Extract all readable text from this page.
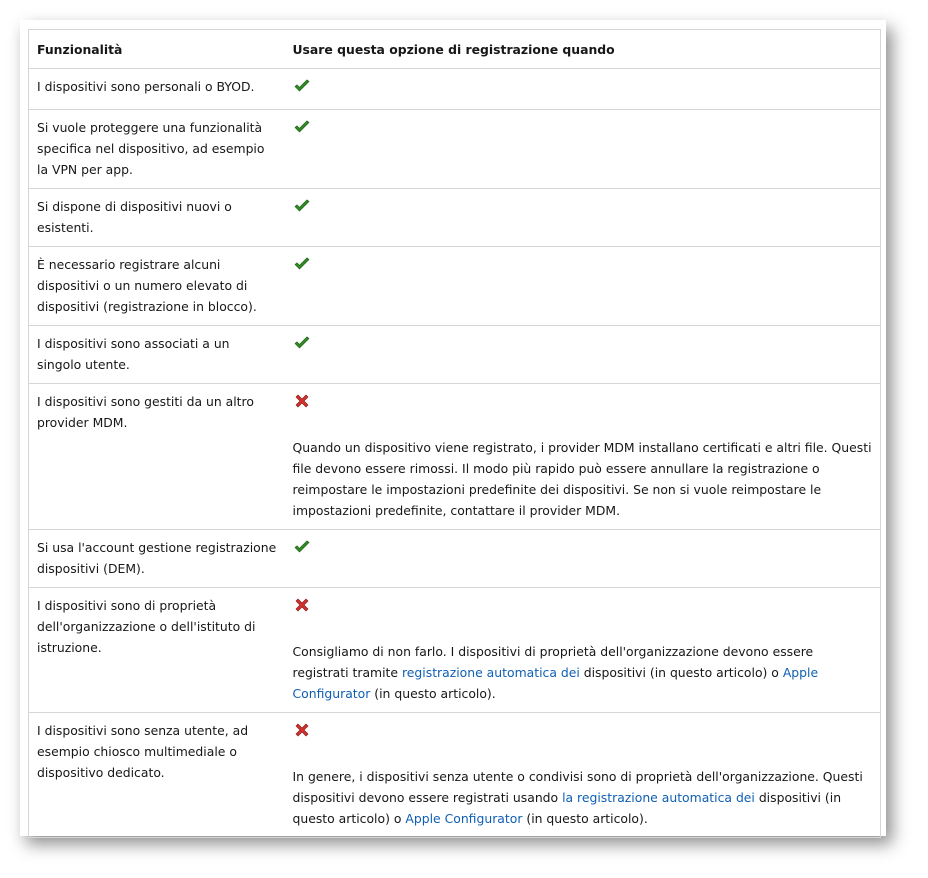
Funzionalità	Usare questa opzione di registrazione quando
I dispositivi sono personali o BYOD.	
Si vuole proteggere una funzionalità specifica nel dispositivo, ad esempio la VPN per app.	
Si dispone di dispositivi nuovi o esistenti.	
È necessario registrare alcuni dispositivi o un numero elevato di dispositivi (registrazione in blocco).	
I dispositivi sono associati a un singolo utente.	
I dispositivi sono gestiti da un altro provider MDM.	Quando un dispositivo viene registrato, i provider MDM installano certificati e altri file. Questi file devono essere rimossi. Il modo più rapido può essere annullare la registrazione o reimpostare le impostazioni predefinite dei dispositivi. Se non si vuole reimpostare le impostazioni predefinite, contattare il provider MDM.

Si usa l'account gestione registrazione dispositivi (DEM).	
I dispositivi sono di proprietà dell'organizzazione o dell'istituto di istruzione.	Consigliamo di non farlo. I dispositivi di proprietà dell'organizzazione devono essere registrati tramite registrazione automatica dei dispositivi (in questo articolo) o Apple Configurator (in questo articolo).

I dispositivi sono senza utente, ad esempio chiosco multimediale o dispositivo dedicato.	In genere, i dispositivi senza utente o condivisi sono di proprietà dell'organizzazione. Questi dispositivi devono essere registrati usando la registrazione automatica dei dispositivi (in questo articolo) o Apple Configurator (in questo articolo).
